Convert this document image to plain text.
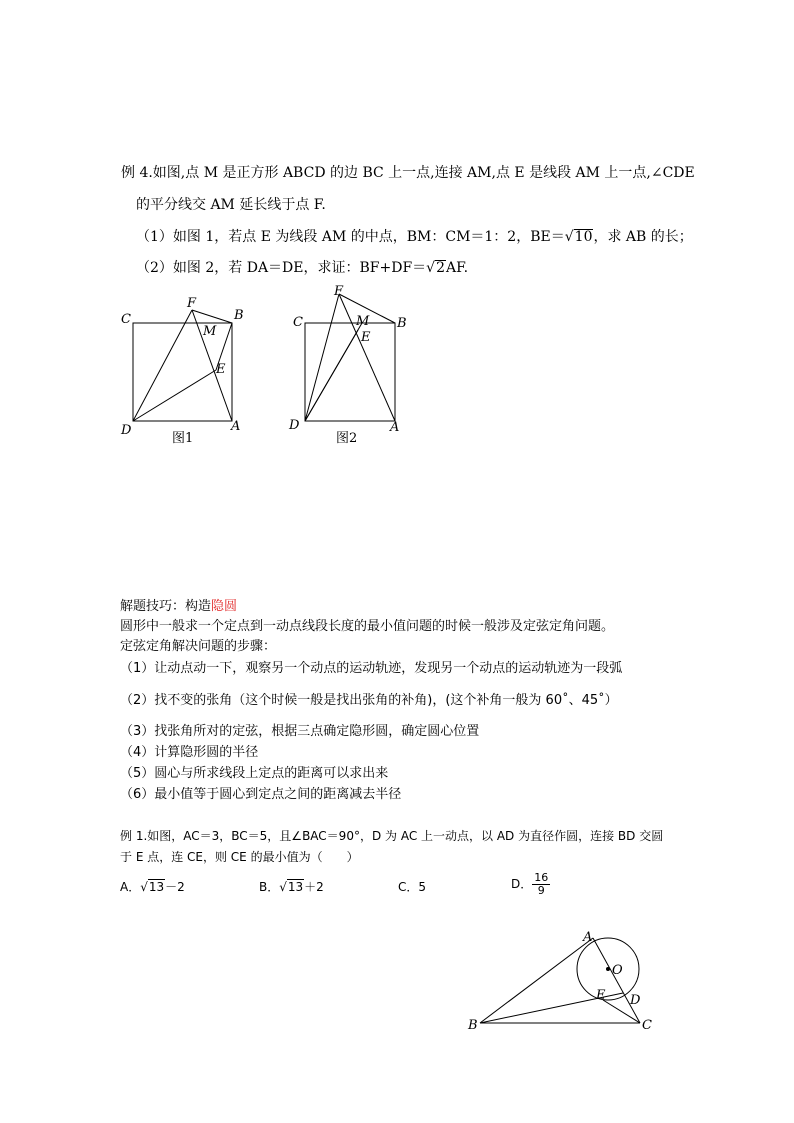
例 4.如图,点 M 是正方形 ABCD 的边 BC 上一点,连接 AM,点 E 是线段 AM 上一点,∠CDE
的平分线交 AM 延长线于点 F.
（1）如图 1，若点 E 为线段 AM 的中点，BM：CM＝1：2，BE＝√10，求 AB 的长；
（2）如图 2，若 DA＝DE，求证：BF+DF＝√2AF.
C
F
B
M
E
D	A
图1
F
C	M B
E
D	A
图2
解题技巧：构造隐圆
圆形中一般求一个定点到一动点线段长度的最小值问题的时候一般涉及定弦定角问题。
定弦定角解决问题的步骤：
（1）让动点动一下，观察另一个动点的运动轨迹，发现另一个动点的运动轨迹为一段弧
（2）找不变的张角（这个时候一般是找出张角的补角)，(这个补角一般为 60˚、45˚）
（3）找张角所对的定弦，根据三点确定隐形圆，确定圆心位置
（4）计算隐形圆的半径
（5）圆心与所求线段上定点的距离可以求出来
（6）最小值等于圆心到定点之间的距离减去半径
例 1.如图，AC＝3，BC＝5，且∠BAC＝90°，D 为 AC 上一动点，以 AD 为直径作圆，连接 BD 交圆
于 E 点，连 CE，则 CE 的最小值为（　　）
A．√13－2	B．√13＋2	C．5	D． $\frac{16}{9}$
A
O
E D
B	C
